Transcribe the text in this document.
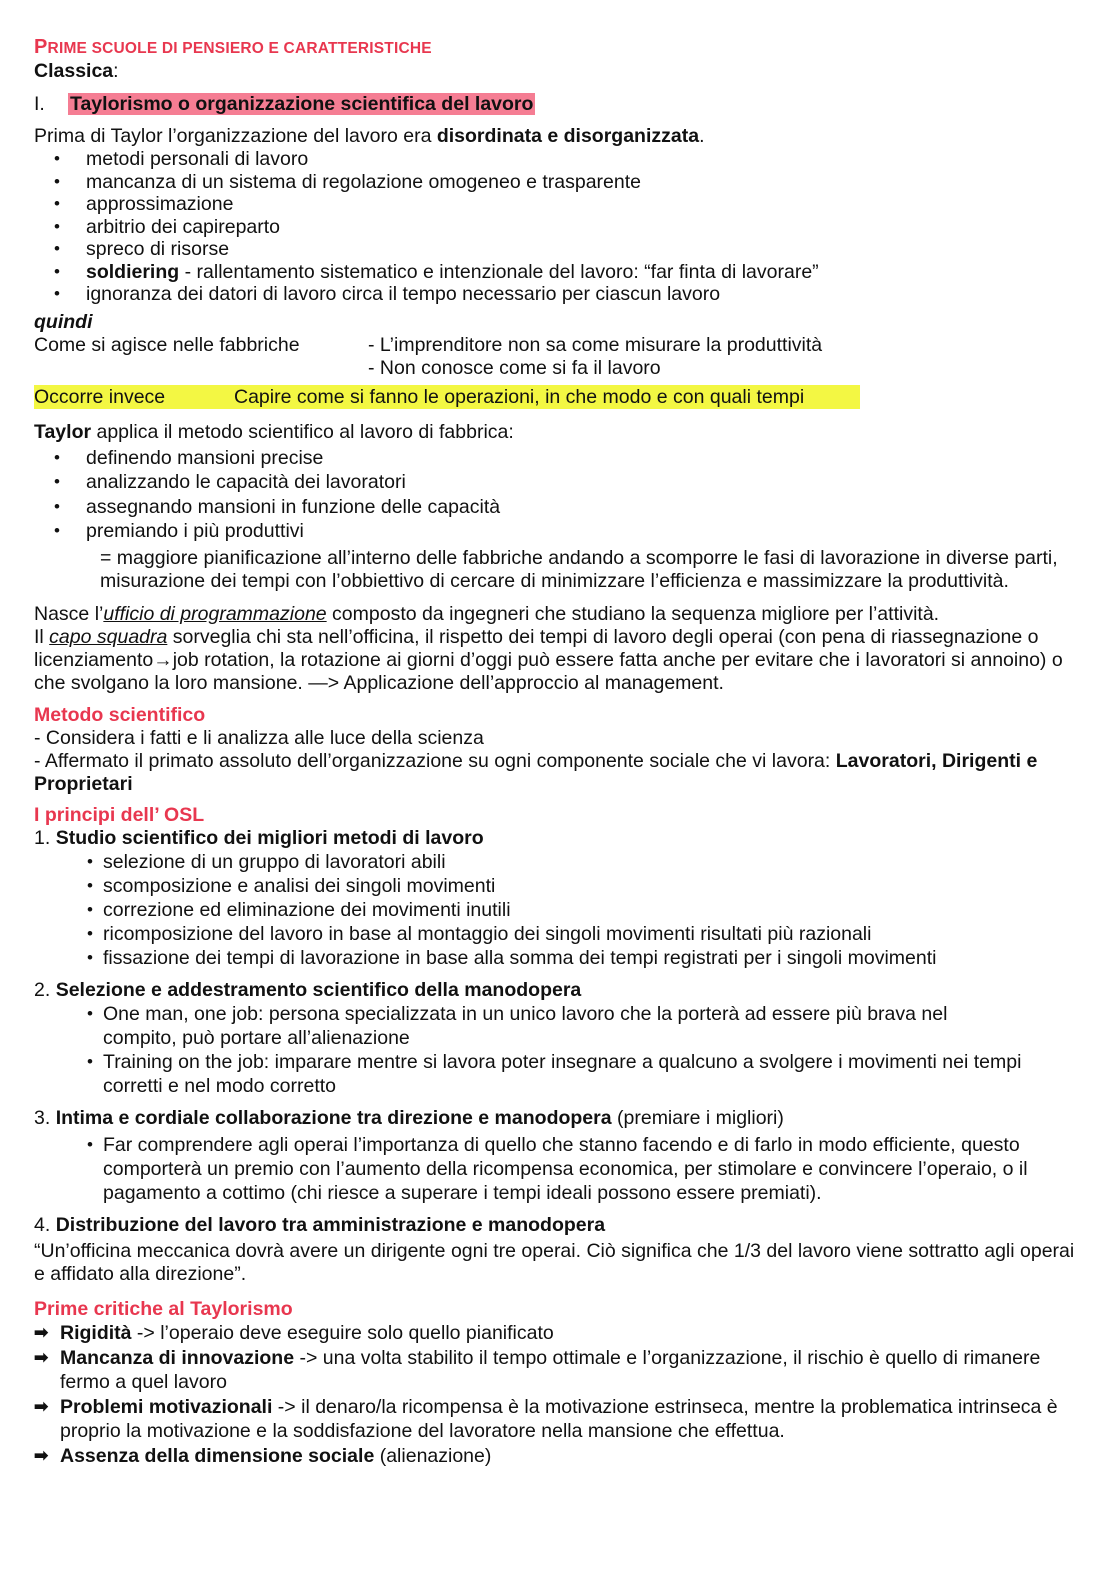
PRIME SCUOLE DI PENSIERO E CARATTERISTICHE

Classica:

I. Taylorismo o organizzazione scientifica del lavoro

Prima di Taylor l’organizzazione del lavoro era disordinata e disorganizzata.

• metodi personali di lavoro
• mancanza di un sistema di regolazione omogeneo e trasparente
• approssimazione
• arbitrio dei capireparto
• spreco di risorse
• soldiering - rallentamento sistematico e intenzionale del lavoro: “far finta di lavorare”
• ignoranza dei datori di lavoro circa il tempo necessario per ciascun lavoro

quindi

Come si agisce nelle fabbriche	- L’imprenditore non sa come misurare la produttività

- Non conosce come si fa il lavoro

Occorre invece	Capire come si fanno le operazioni, in che modo e con quali tempi

Taylor applica il metodo scientifico al lavoro di fabbrica:

• definendo mansioni precise
• analizzando le capacità dei lavoratori
• assegnando mansioni in funzione delle capacità
• premiando i più produttivi

= maggiore pianificazione all’interno delle fabbriche andando a scomporre le fasi di lavorazione in diverse parti, misurazione dei tempi con l’obbiettivo di cercare di minimizzare l’efficienza e massimizzare la produttività.

Nasce l’ufficio di programmazione composto da ingegneri che studiano la sequenza migliore per l’attività.

Il capo squadra sorveglia chi sta nell’officina, il rispetto dei tempi di lavoro degli operai (con pena di riassegnazione o licenziamento→job rotation, la rotazione ai giorni d’oggi può essere fatta anche per evitare che i lavoratori si annoino) o che svolgano la loro mansione. —> Applicazione dell’approccio al management.

Metodo scientifico

- Considera i fatti e li analizza alle luce della scienza

- Affermato il primato assoluto dell’organizzazione su ogni componente sociale che vi lavora: Lavoratori, Dirigenti e Proprietari

I principi dell’ OSL

1. Studio scientifico dei migliori metodi di lavoro

• selezione di un gruppo di lavoratori abili
• scomposizione e analisi dei singoli movimenti
• correzione ed eliminazione dei movimenti inutili
• ricomposizione del lavoro in base al montaggio dei singoli movimenti risultati più razionali
• fissazione dei tempi di lavorazione in base alla somma dei tempi registrati per i singoli movimenti

2. Selezione e addestramento scientifico della manodopera

• One man, one job: persona specializzata in un unico lavoro che la porterà ad essere più brava nel compito, può portare all’alienazione
• Training on the job: imparare mentre si lavora poter insegnare a qualcuno a svolgere i movimenti nei tempi corretti e nel modo corretto

3. Intima e cordiale collaborazione tra direzione e manodopera (premiare i migliori)

• Far comprendere agli operai l’importanza di quello che stanno facendo e di farlo in modo efficiente, questo comporterà un premio con l’aumento della ricompensa economica, per stimolare e convincere l’operaio, o il pagamento a cottimo (chi riesce a superare i tempi ideali possono essere premiati).

4. Distribuzione del lavoro tra amministrazione e manodopera

“Un’officina meccanica dovrà avere un dirigente ogni tre operai. Ciò significa che 1/3 del lavoro viene sottratto agli operai e affidato alla direzione”.

Prime critiche al Taylorismo

➡ Rigidità -> l’operaio deve eseguire solo quello pianificato
➡ Mancanza di innovazione -> una volta stabilito il tempo ottimale e l’organizzazione, il rischio è quello di rimanere fermo a quel lavoro
➡ Problemi motivazionali -> il denaro/la ricompensa è la motivazione estrinseca, mentre la problematica intrinseca è proprio la motivazione e la soddisfazione del lavoratore nella mansione che effettua.
➡ Assenza della dimensione sociale (alienazione)
